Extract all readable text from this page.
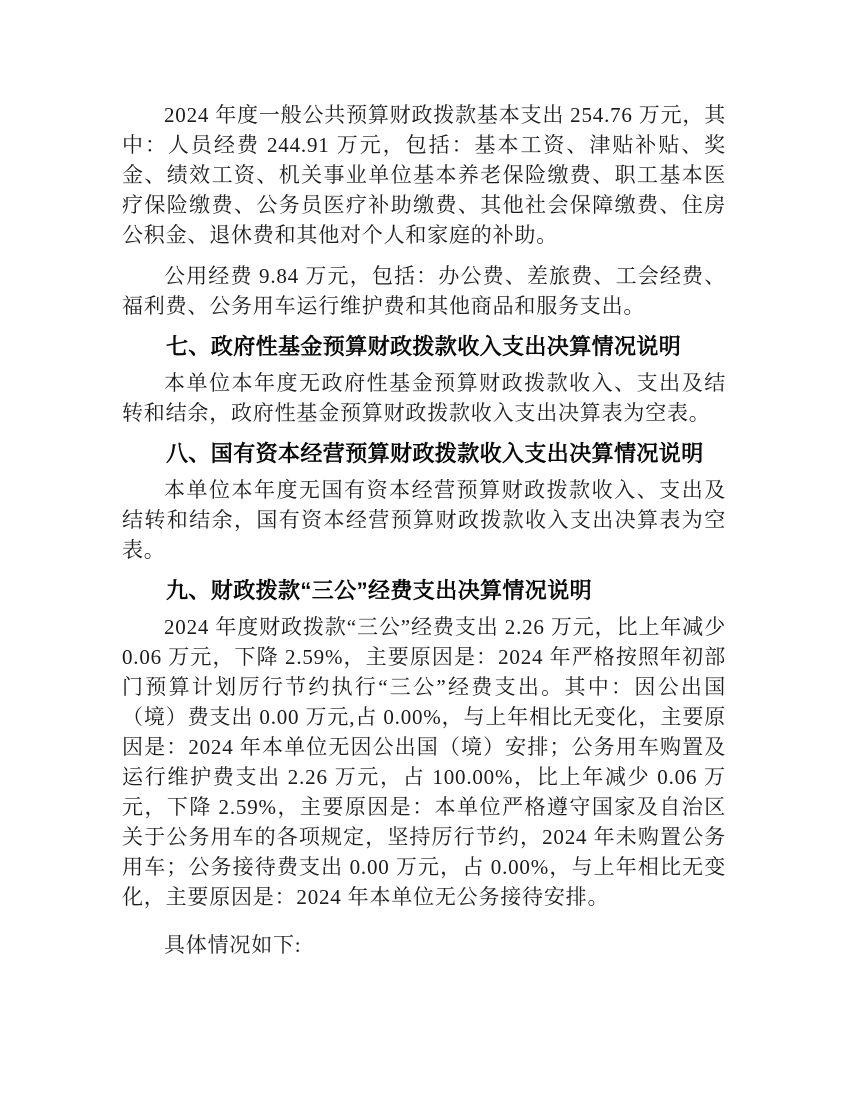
2024 年度一般公共预算财政拨款基本支出 254.76 万元，其中：人员经费 244.91 万元，包括：基本工资、津贴补贴、奖金、绩效工资、机关事业单位基本养老保险缴费、职工基本医疗保险缴费、公务员医疗补助缴费、其他社会保障缴费、住房公积金、退休费和其他对个人和家庭的补助。

公用经费 9.84 万元，包括：办公费、差旅费、工会经费、福利费、公务用车运行维护费和其他商品和服务支出。

七、政府性基金预算财政拨款收入支出决算情况说明

本单位本年度无政府性基金预算财政拨款收入、支出及结转和结余，政府性基金预算财政拨款收入支出决算表为空表。

八、国有资本经营预算财政拨款收入支出决算情况说明

本单位本年度无国有资本经营预算财政拨款收入、支出及结转和结余，国有资本经营预算财政拨款收入支出决算表为空表。

九、财政拨款“三公”经费支出决算情况说明

2024 年度财政拨款“三公”经费支出 2.26 万元，比上年减少 0.06 万元，下降 2.59%，主要原因是：2024 年严格按照年初部门预算计划厉行节约执行“三公”经费支出。其中：因公出国（境）费支出 0.00 万元,占 0.00%，与上年相比无变化，主要原因是：2024 年本单位无因公出国（境）安排；公务用车购置及运行维护费支出 2.26 万元，占 100.00%，比上年减少 0.06 万元，下降 2.59%，主要原因是：本单位严格遵守国家及自治区关于公务用车的各项规定，坚持厉行节约，2024 年未购置公务用车；公务接待费支出 0.00 万元，占 0.00%，与上年相比无变化，主要原因是：2024 年本单位无公务接待安排。

具体情况如下:
